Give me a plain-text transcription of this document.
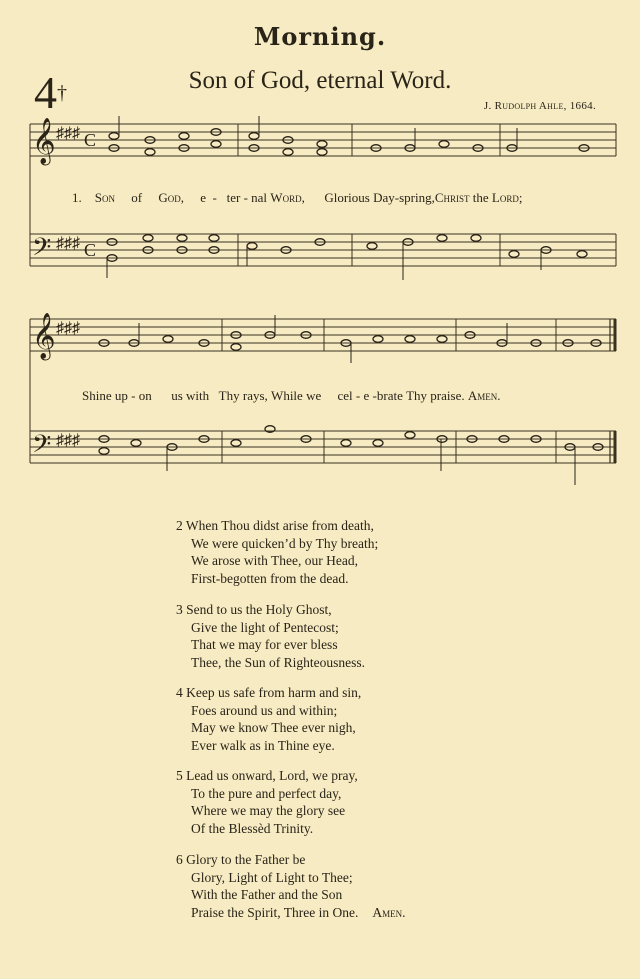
Morning.
4†	Son of God, eternal Word.
J. Rudolph Ahle, 1664.
𝄞
𝄢
♯♯♯
♯♯♯
C
C
1. Son of God, e - ter - nal Word, Glorious Day-spring,Christ the Lord;
𝄞
𝄢
♯♯♯
♯♯♯
Shine up - on us with Thy rays, While we cel - e -brate Thy praise. Amen.
2 When Thou didst arise from death,
We were quicken’d by Thy breath;
We arose with Thee, our Head,
First-begotten from the dead.
3 Send to us the Holy Ghost,
Give the light of Pentecost;
That we may for ever bless
Thee, the Sun of Righteousness.
4 Keep us safe from harm and sin,
Foes around us and within;
May we know Thee ever nigh,
Ever walk as in Thine eye.
5 Lead us onward, Lord, we pray,
To the pure and perfect day,
Where we may the glory see
Of the Blessèd Trinity.
6 Glory to the Father be
Glory, Light of Light to Thee;
With the Father and the Son
Praise the Spirit, Three in One. Amen.
